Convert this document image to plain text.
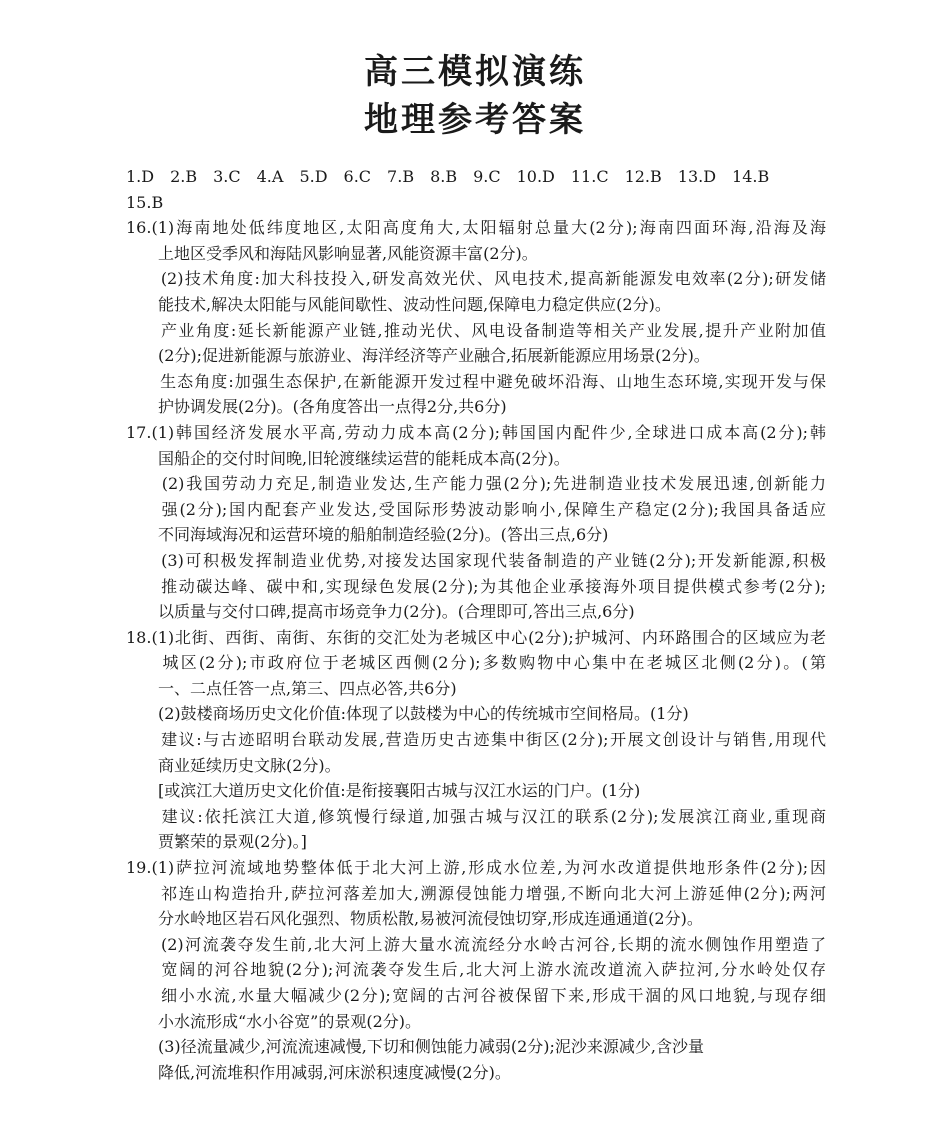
高三模拟演练
地理参考答案
1.D　2.B　3.C　4.A　5.D　6.C　7.B　8.B　9.C　10.D　11.C　12.B　13.D　14.B
15.B
16.(1)海南地处低纬度地区,太阳高度角大,太阳辐射总量大(2分);海南四面环海,沿海及海
　　上地区受季风和海陆风影响显著,风能资源丰富(2分)。
　　(2)技术角度:加大科技投入,研发高效光伏、风电技术,提高新能源发电效率(2分);研发储
　　能技术,解决太阳能与风能间歇性、波动性问题,保障电力稳定供应(2分)。
　　产业角度:延长新能源产业链,推动光伏、风电设备制造等相关产业发展,提升产业附加值
　　(2分);促进新能源与旅游业、海洋经济等产业融合,拓展新能源应用场景(2分)。
　　生态角度:加强生态保护,在新能源开发过程中避免破坏沿海、山地生态环境,实现开发与保
　　护协调发展(2分)。(各角度答出一点得2分,共6分)
17.(1)韩国经济发展水平高,劳动力成本高(2分);韩国国内配件少,全球进口成本高(2分);韩
　　国船企的交付时间晚,旧轮渡继续运营的能耗成本高(2分)。
　　(2)我国劳动力充足,制造业发达,生产能力强(2分);先进制造业技术发展迅速,创新能力
　　强(2分);国内配套产业发达,受国际形势波动影响小,保障生产稳定(2分);我国具备适应
　　不同海域海况和运营环境的船舶制造经验(2分)。(答出三点,6分)
　　(3)可积极发挥制造业优势,对接发达国家现代装备制造的产业链(2分);开发新能源,积极
　　推动碳达峰、碳中和,实现绿色发展(2分);为其他企业承接海外项目提供模式参考(2分);
　　以质量与交付口碑,提高市场竞争力(2分)。(合理即可,答出三点,6分)
18.(1)北街、西街、南街、东街的交汇处为老城区中心(2分);护城河、内环路围合的区域应为老
　　城区(2分);市政府位于老城区西侧(2分);多数购物中心集中在老城区北侧(2分)。(第
　　一、二点任答一点,第三、四点必答,共6分)
　　(2)鼓楼商场历史文化价值:体现了以鼓楼为中心的传统城市空间格局。(1分)
　　建议:与古迹昭明台联动发展,营造历史古迹集中街区(2分);开展文创设计与销售,用现代
　　商业延续历史文脉(2分)。
　　[或滨江大道历史文化价值:是衔接襄阳古城与汉江水运的门户。(1分)
　　建议:依托滨江大道,修筑慢行绿道,加强古城与汉江的联系(2分);发展滨江商业,重现商
　　贾繁荣的景观(2分)。]
19.(1)萨拉河流域地势整体低于北大河上游,形成水位差,为河水改道提供地形条件(2分);因
　　祁连山构造抬升,萨拉河落差加大,溯源侵蚀能力增强,不断向北大河上游延伸(2分);两河
　　分水岭地区岩石风化强烈、物质松散,易被河流侵蚀切穿,形成连通通道(2分)。
　　(2)河流袭夺发生前,北大河上游大量水流流经分水岭古河谷,长期的流水侧蚀作用塑造了
　　宽阔的河谷地貌(2分);河流袭夺发生后,北大河上游水流改道流入萨拉河,分水岭处仅存
　　细小水流,水量大幅减少(2分);宽阔的古河谷被保留下来,形成干涸的风口地貌,与现存细
　　小水流形成“水小谷宽”的景观(2分)。
　　(3)径流量减少,河流流速减慢,下切和侧蚀能力减弱(2分);泥沙来源减少,含沙量
　　降低,河流堆积作用减弱,河床淤积速度减慢(2分)。
